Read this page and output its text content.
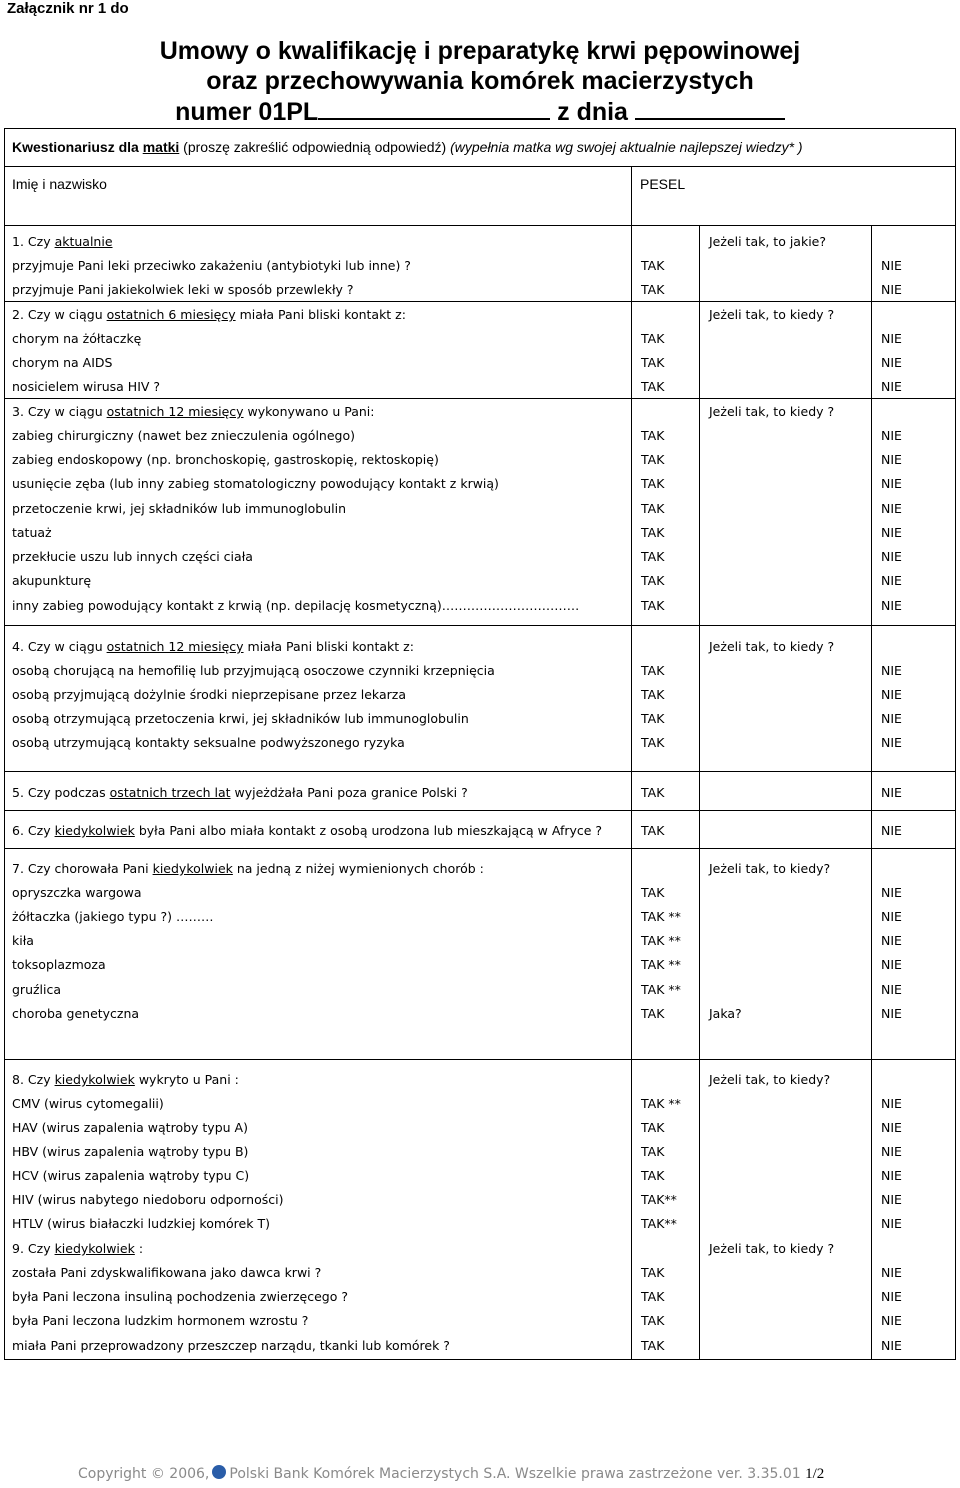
Załącznik nr 1 do
Umowy o kwalifikację i preparatykę krwi pępowinowej
oraz przechowywania komórek macierzystych
numer 01PL	z dnia
Kwestionariusz dla matki (proszę zakreślić odpowiednią odpowiedź) (wypełnia matka wg swojej aktualnie najlepszej wiedzy* )
Imię i nazwisko	PESEL
1. Czy aktualnie	Jeżeli tak, to jakie?
przyjmuje Pani leki przeciwko zakażeniu (antybiotyki lub inne) ?	TAK	NIE
przyjmuje Pani jakiekolwiek leki w sposób przewlekły ?	TAK	NIE
2. Czy w ciągu ostatnich 6 miesięcy miała Pani bliski kontakt z:	Jeżeli tak, to kiedy ?
chorym na żółtaczkę	TAK	NIE
chorym na AIDS	TAK	NIE
nosicielem wirusa HIV ?	TAK	NIE
3. Czy w ciągu ostatnich 12 miesięcy wykonywano u Pani:	Jeżeli tak, to kiedy ?
zabieg chirurgiczny (nawet bez znieczulenia ogólnego)	TAK	NIE
zabieg endoskopowy (np. bronchoskopię, gastroskopię, rektoskopię)	TAK	NIE
usunięcie zęba (lub inny zabieg stomatologiczny powodujący kontakt z krwią)	TAK	NIE
przetoczenie krwi, jej składników lub immunoglobulin	TAK	NIE
tatuaż	TAK	NIE
przekłucie uszu lub innych części ciała	TAK	NIE
akupunkturę	TAK	NIE
inny zabieg powodujący kontakt z krwią (np. depilację kosmetyczną)……………………………	TAK	NIE
4. Czy w ciągu ostatnich 12 miesięcy miała Pani bliski kontakt z:	Jeżeli tak, to kiedy ?
osobą chorującą na hemofilię lub przyjmującą osoczowe czynniki krzepnięcia	TAK	NIE
osobą przyjmującą dożylnie środki nieprzepisane przez lekarza	TAK	NIE
osobą otrzymującą przetoczenia krwi, jej składników lub immunoglobulin	TAK	NIE
osobą utrzymującą kontakty seksualne podwyższonego ryzyka	TAK	NIE
5. Czy podczas ostatnich trzech lat wyjeżdżała Pani poza granice Polski ?	TAK	NIE
6. Czy kiedykolwiek była Pani albo miała kontakt z osobą urodzona lub mieszkającą w Afryce ?	TAK	NIE
7. Czy chorowała Pani kiedykolwiek na jedną z niżej wymienionych chorób :	Jeżeli tak, to kiedy?
opryszczka wargowa	TAK	NIE
żółtaczka (jakiego typu ?) ………	TAK **	NIE
kiła	TAK **	NIE
toksoplazmoza	TAK **	NIE
gruźlica	TAK **	NIE
choroba genetyczna	TAK	Jaka?	NIE
8. Czy kiedykolwiek wykryto u Pani :	Jeżeli tak, to kiedy?
CMV (wirus cytomegalii)	TAK **	NIE
HAV (wirus zapalenia wątroby typu A)	TAK	NIE
HBV (wirus zapalenia wątroby typu B)	TAK	NIE
HCV (wirus zapalenia wątroby typu C)	TAK	NIE
HIV (wirus nabytego niedoboru odporności)	TAK**	NIE
HTLV (wirus białaczki ludzkiej komórek T)	TAK**	NIE
9. Czy kiedykolwiek :	Jeżeli tak, to kiedy ?
została Pani zdyskwalifikowana jako dawca krwi ?	TAK	NIE
była Pani leczona insuliną pochodzenia zwierzęcego ?	TAK	NIE
była Pani leczona ludzkim hormonem wzrostu ?	TAK	NIE
miała Pani przeprowadzony przeszczep narządu, tkanki lub komórek ?	TAK	NIE
Copyright © 2006, Polski Bank Komórek Macierzystych S.A. Wszelkie prawa zastrzeżone ver. 3.35.01 1/2
